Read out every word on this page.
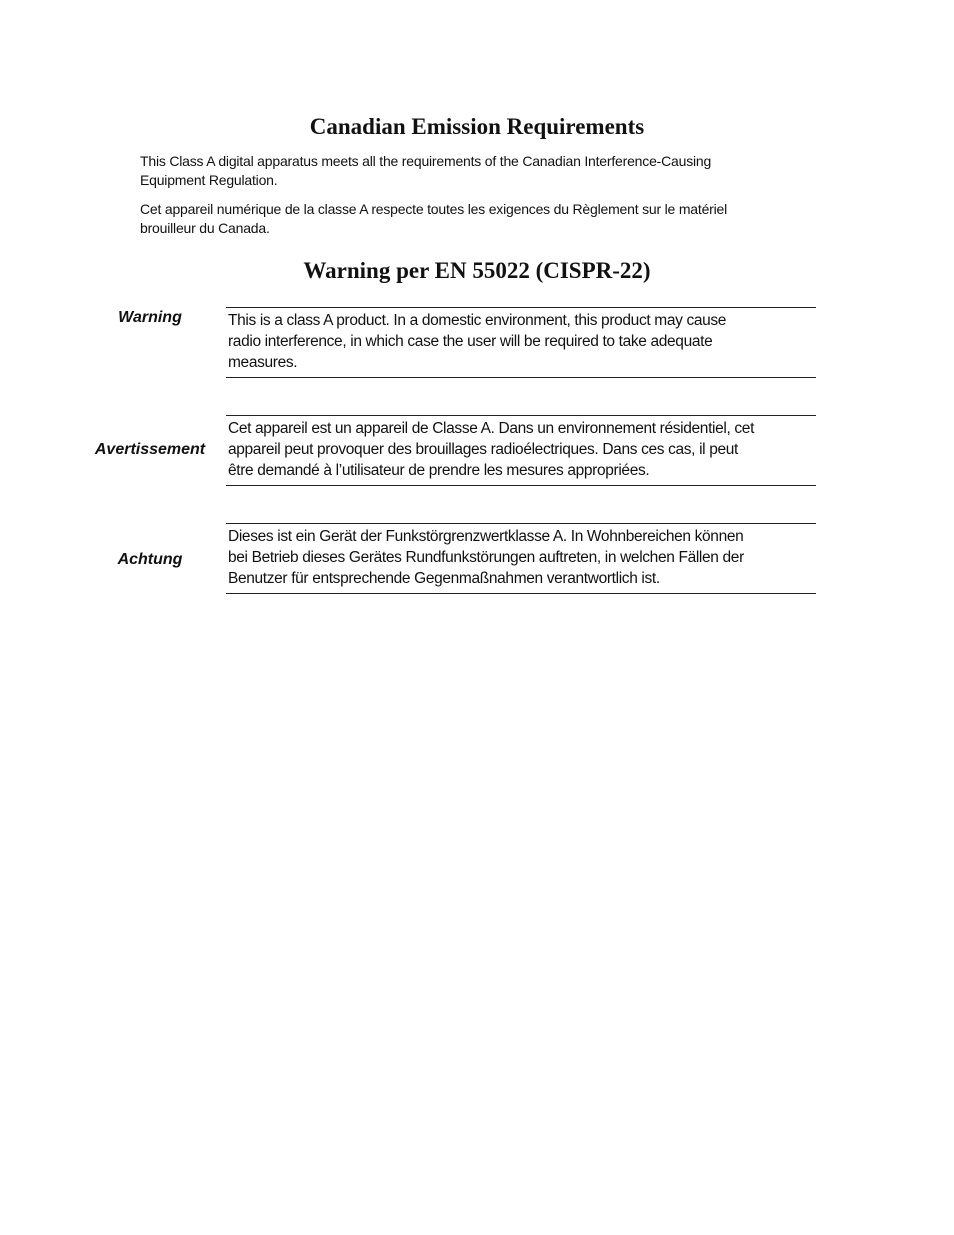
Canadian Emission Requirements
This Class A digital apparatus meets all the requirements of the Canadian Interference-Causing
Equipment Regulation.
Cet appareil numérique de la classe A respecte toutes les exigences du Règlement sur le matériel
brouilleur du Canada.
Warning per EN 55022 (CISPR-22)
Warning	This is a class A product. In a domestic environment, this product may cause
radio interference, in which case the user will be required to take adequate
measures.
Avertissement
Cet appareil est un appareil de Classe A. Dans un environnement résidentiel, cet
appareil peut provoquer des brouillages radioélectriques. Dans ces cas, il peut
être demandé à l’utilisateur de prendre les mesures appropriées.
Achtung
Dieses ist ein Gerät der Funkstörgrenzwertklasse A. In Wohnbereichen können
bei Betrieb dieses Gerätes Rundfunkstörungen auftreten, in welchen Fällen der
Benutzer für entsprechende Gegenmaßnahmen verantwortlich ist.
